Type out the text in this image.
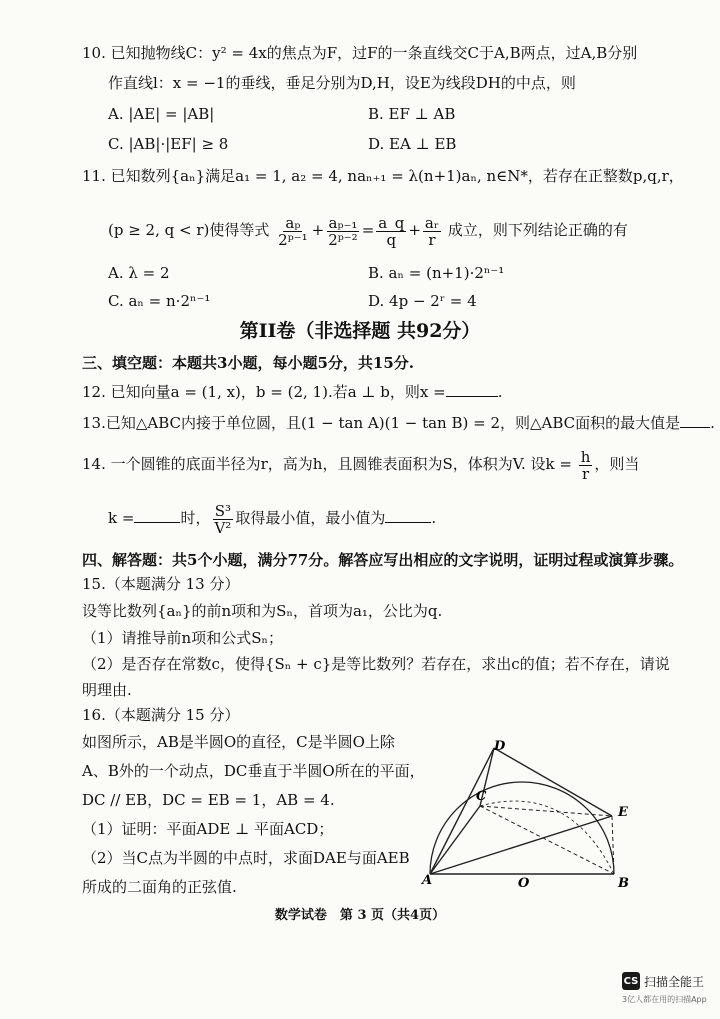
10. 已知抛物线C：y² = 4x的焦点为F，过F的一条直线交C于A,B两点，过A,B分别
作直线l：x = −1的垂线，垂足分别为D,H，设E为线段DH的中点，则
A. |AE| = |AB|	B. EF ⊥ AB
C. |AB|·|EF| ≥ 8	D. EA ⊥ EB
11. 已知数列{aₙ}满足a₁ = 1, a₂ = 4, naₙ₊₁ = λ(n+1)aₙ, n∈N*，若存在正整数p,q,r，
(p ≥ 2, q < r)使得等式 $\frac{\text{aₚ}}{\text{2ᵖ⁻¹}} + \frac{\text{aₚ₋₁}}{\text{2ᵖ⁻²}} = \frac{a\_q}{q} + \frac{\text{aᵣ}}{r}$ 成立，则下列结论正确的有
A. λ = 2	B. aₙ = (n+1)·2ⁿ⁻¹
C. aₙ = n·2ⁿ⁻¹	D. 4p − 2ʳ = 4
第II卷（非选择题 共92分）
三、填空题：本题共3小题，每小题5分，共15分.
12. 已知向量a = (1, x)，b = (2, 1).若a ⊥ b，则x =	.
13.已知△ABC内接于单位圆，且(1 − tan A)(1 − tan B) = 2，则△ABC面积的最大值是 .
14. 一个圆锥的底面半径为r，高为h，且圆锥表面积为S，体积为V. 设$k = \frac{h}{r}$ ，则当
k =	时， $\frac{\text{S³}}{\text{V²}}$ 取得最小值，最小值为	.
四、解答题：共5个小题，满分77分。解答应写出相应的文字说明，证明过程或演算步骤。
15.（本题满分 13 分）
设等比数列{aₙ}的前n项和为Sₙ，首项为a₁，公比为q.
（1）请推导前n项和公式Sₙ；
（2）是否存在常数c，使得{Sₙ + c}是等比数列？若存在，求出c的值；若不存在，请说
明理由.
16.（本题满分 15 分）
如图所示，AB是半圆O的直径，C是半圆O上除
A、B外的一个动点，DC垂直于半圆O所在的平面，
DC // EB，DC = EB = 1，AB = 4.
（1）证明：平面ADE ⊥ 平面ACD；
（2）当C点为半圆的中点时，求面DAE与面AEB
所成的二面角的正弦值.
D
C
E
A	O	B
数学试卷　第 3 页（共4页）
CS 扫描全能王
3亿人都在用的扫描App
